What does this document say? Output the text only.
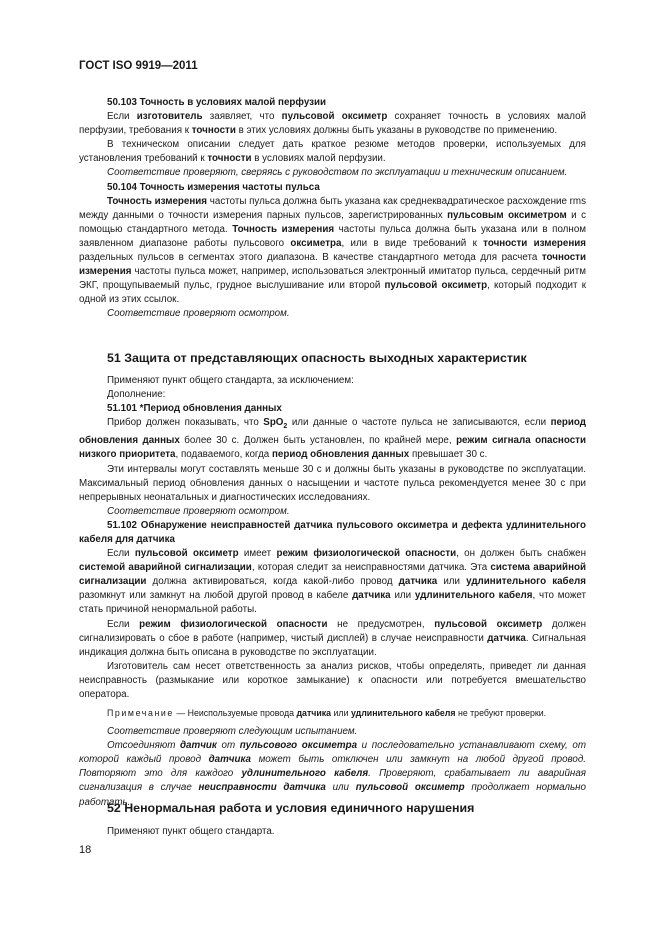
ГОСТ ISO 9919—2011

50.103 Точность в условиях малой перфузии

Если изготовитель заявляет, что пульсовой оксиметр сохраняет точность в условиях малой перфузии, требования к точности в этих условиях должны быть указаны в руководстве по применению.

В техническом описании следует дать краткое резюме методов проверки, используемых для установления требований к точности в условиях малой перфузии.

Соответствие проверяют, сверяясь с руководством по эксплуатации и техническим описанием.

50.104 Точность измерения частоты пульса

Точность измерения частоты пульса должна быть указана как среднеквадратическое расхождение rms между данными о точности измерения парных пульсов, зарегистрированных пульсовым оксиметром и с помощью стандартного метода. Точность измерения частоты пульса должна быть указана или в полном заявленном диапазоне работы пульсового оксиметра, или в виде требований к точности измерения раздельных пульсов в сегментах этого диапазона. В качестве стандартного метода для расчета точности измерения частоты пульса может, например, использоваться электронный имитатор пульса, сердечный ритм ЭКГ, прощупываемый пульс, грудное выслушивание или второй пульсовой оксиметр, который подходит к одной из этих ссылок.

Соответствие проверяют осмотром.

51 Защита от представляющих опасность выходных характеристик

Применяют пункт общего стандарта, за исключением:

Дополнение:

51.101 *Период обновления данных

Прибор должен показывать, что SpO$_2$ или данные о частоте пульса не записываются, если период обновления данных более 30 с. Должен быть установлен, по крайней мере, режим сигнала опасности низкого приоритета, подаваемого, когда период обновления данных превышает 30 с.

Эти интервалы могут составлять меньше 30 с и должны быть указаны в руководстве по эксплуатации. Максимальный период обновления данных о насыщении и частоте пульса рекомендуется менее 30 с при непрерывных неонатальных и диагностических исследованиях.

Соответствие проверяют осмотром.

51.102 Обнаружение неисправностей датчика пульсового оксиметра и дефекта удлинительного кабеля для датчика

Если пульсовой оксиметр имеет режим физиологической опасности, он должен быть снабжен системой аварийной сигнализации, которая следит за неисправностями датчика. Эта система аварийной сигнализации должна активироваться, когда какой-либо провод датчика или удлинительного кабеля разомкнут или замкнут на любой другой провод в кабеле датчика или удлинительного кабеля, что может стать причиной ненормальной работы.

Если режим физиологической опасности не предусмотрен, пульсовой оксиметр должен сигнализировать о сбое в работе (например, чистый дисплей) в случае неисправности датчика. Сигнальная индикация должна быть описана в руководстве по эксплуатации.

Изготовитель сам несет ответственность за анализ рисков, чтобы определять, приведет ли данная неисправность (размыкание или короткое замыкание) к опасности или потребуется вмешательство оператора.

Примечание — Неиспользуемые провода датчика или удлинительного кабеля не требуют проверки.

Соответствие проверяют следующим испытанием.

Отсоединяют датчик от пульсового оксиметра и последовательно устанавливают схему, от которой каждый провод датчика может быть отключен или замкнут на любой другой провод. Повторяют это для каждого удлинительного кабеля. Проверяют, срабатывает ли аварийная сигнализация в случае неисправности датчика или пульсовой оксиметр продолжает нормально работать.

52 Ненормальная работа и условия единичного нарушения

Применяют пункт общего стандарта.

18
